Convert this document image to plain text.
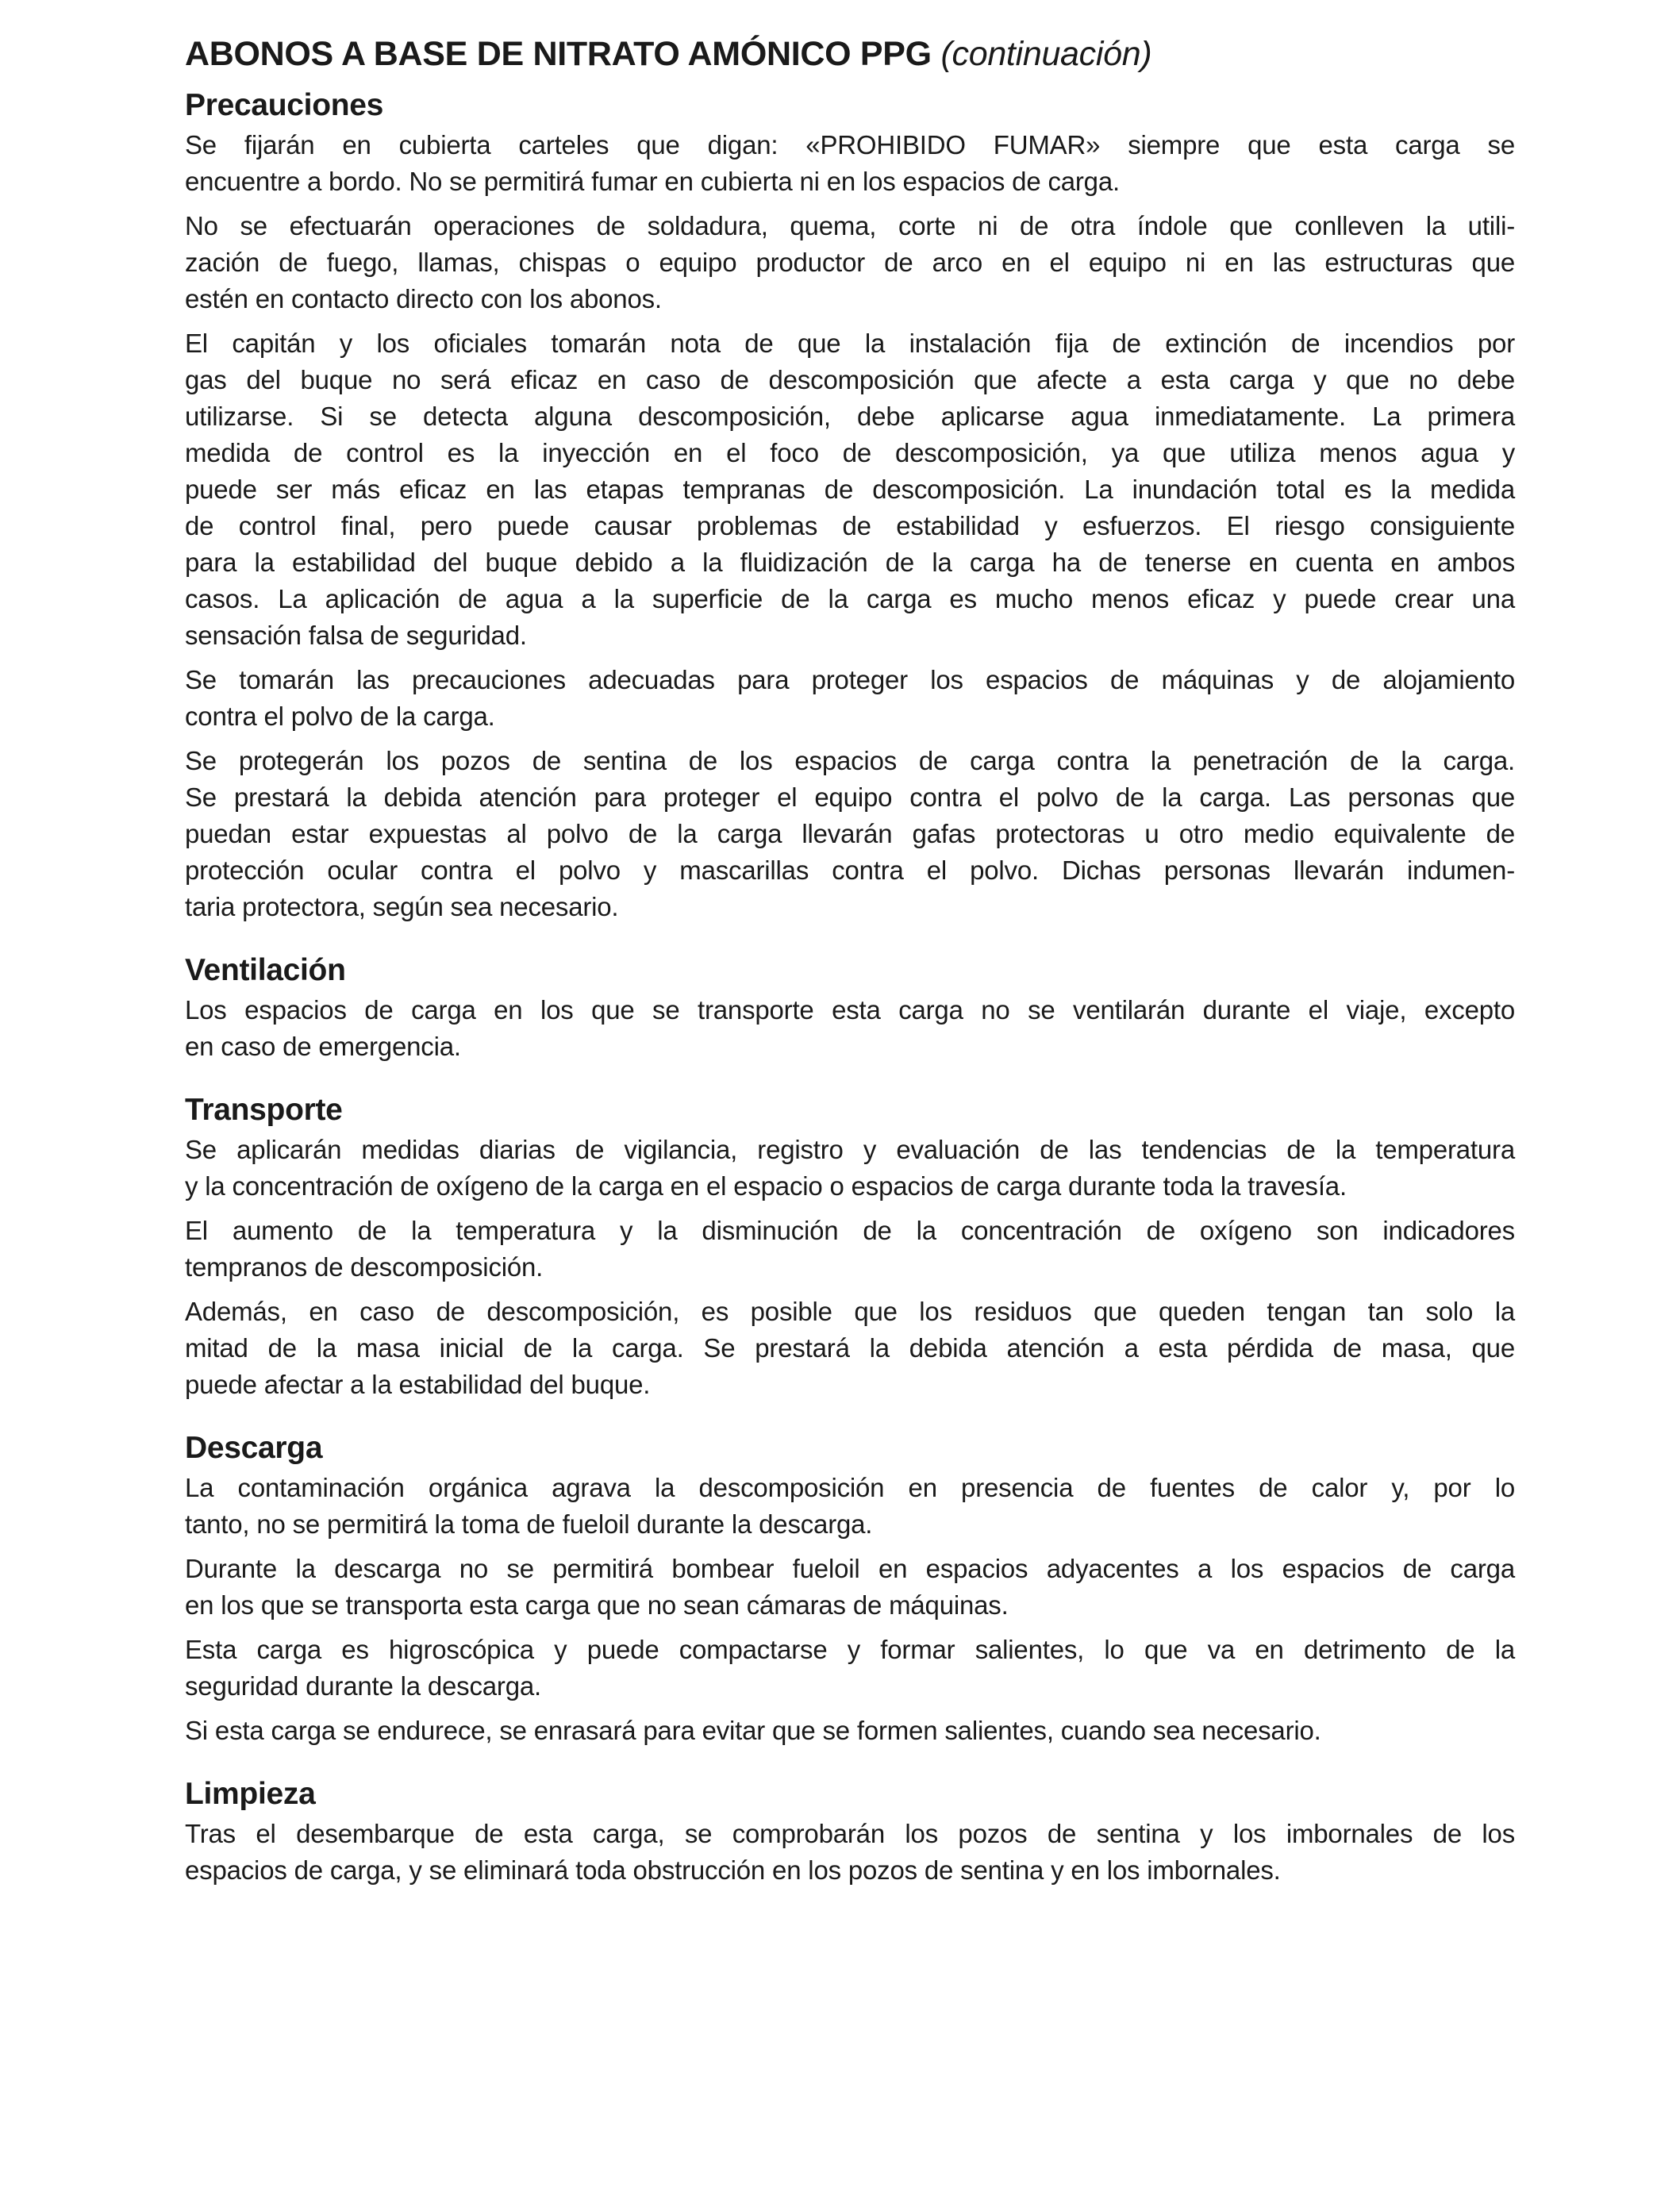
ABONOS A BASE DE NITRATO AMÓNICO PPG (continuación)
Precauciones
Se fijarán en cubierta carteles que digan: «PROHIBIDO FUMAR» siempre que esta carga se
encuentre a bordo. No se permitirá fumar en cubierta ni en los espacios de carga.
No se efectuarán operaciones de soldadura, quema, corte ni de otra índole que conlleven la utili-
zación de fuego, llamas, chispas o equipo productor de arco en el equipo ni en las estructuras que
estén en contacto directo con los abonos.
El capitán y los oficiales tomarán nota de que la instalación fija de extinción de incendios por
gas del buque no será eficaz en caso de descomposición que afecte a esta carga y que no debe
utilizarse. Si se detecta alguna descomposición, debe aplicarse agua inmediatamente. La primera
medida de control es la inyección en el foco de descomposición, ya que utiliza menos agua y
puede ser más eficaz en las etapas tempranas de descomposición. La inundación total es la medida
de control final, pero puede causar problemas de estabilidad y esfuerzos. El riesgo consiguiente
para la estabilidad del buque debido a la fluidización de la carga ha de tenerse en cuenta en ambos
casos. La aplicación de agua a la superficie de la carga es mucho menos eficaz y puede crear una
sensación falsa de seguridad.
Se tomarán las precauciones adecuadas para proteger los espacios de máquinas y de alojamiento
contra el polvo de la carga.
Se protegerán los pozos de sentina de los espacios de carga contra la penetración de la carga.
Se prestará la debida atención para proteger el equipo contra el polvo de la carga. Las personas que
puedan estar expuestas al polvo de la carga llevarán gafas protectoras u otro medio equivalente de
protección ocular contra el polvo y mascarillas contra el polvo. Dichas personas llevarán indumen-
taria protectora, según sea necesario.
Ventilación
Los espacios de carga en los que se transporte esta carga no se ventilarán durante el viaje, excepto
en caso de emergencia.
Transporte
Se aplicarán medidas diarias de vigilancia, registro y evaluación de las tendencias de la temperatura
y la concentración de oxígeno de la carga en el espacio o espacios de carga durante toda la travesía.
El aumento de la temperatura y la disminución de la concentración de oxígeno son indicadores
tempranos de descomposición.
Además, en caso de descomposición, es posible que los residuos que queden tengan tan solo la
mitad de la masa inicial de la carga. Se prestará la debida atención a esta pérdida de masa, que
puede afectar a la estabilidad del buque.
Descarga
La contaminación orgánica agrava la descomposición en presencia de fuentes de calor y, por lo
tanto, no se permitirá la toma de fueloil durante la descarga.
Durante la descarga no se permitirá bombear fueloil en espacios adyacentes a los espacios de carga
en los que se transporta esta carga que no sean cámaras de máquinas.
Esta carga es higroscópica y puede compactarse y formar salientes, lo que va en detrimento de la
seguridad durante la descarga.
Si esta carga se endurece, se enrasará para evitar que se formen salientes, cuando sea necesario.
Limpieza
Tras el desembarque de esta carga, se comprobarán los pozos de sentina y los imbornales de los
espacios de carga, y se eliminará toda obstrucción en los pozos de sentina y en los imbornales.
